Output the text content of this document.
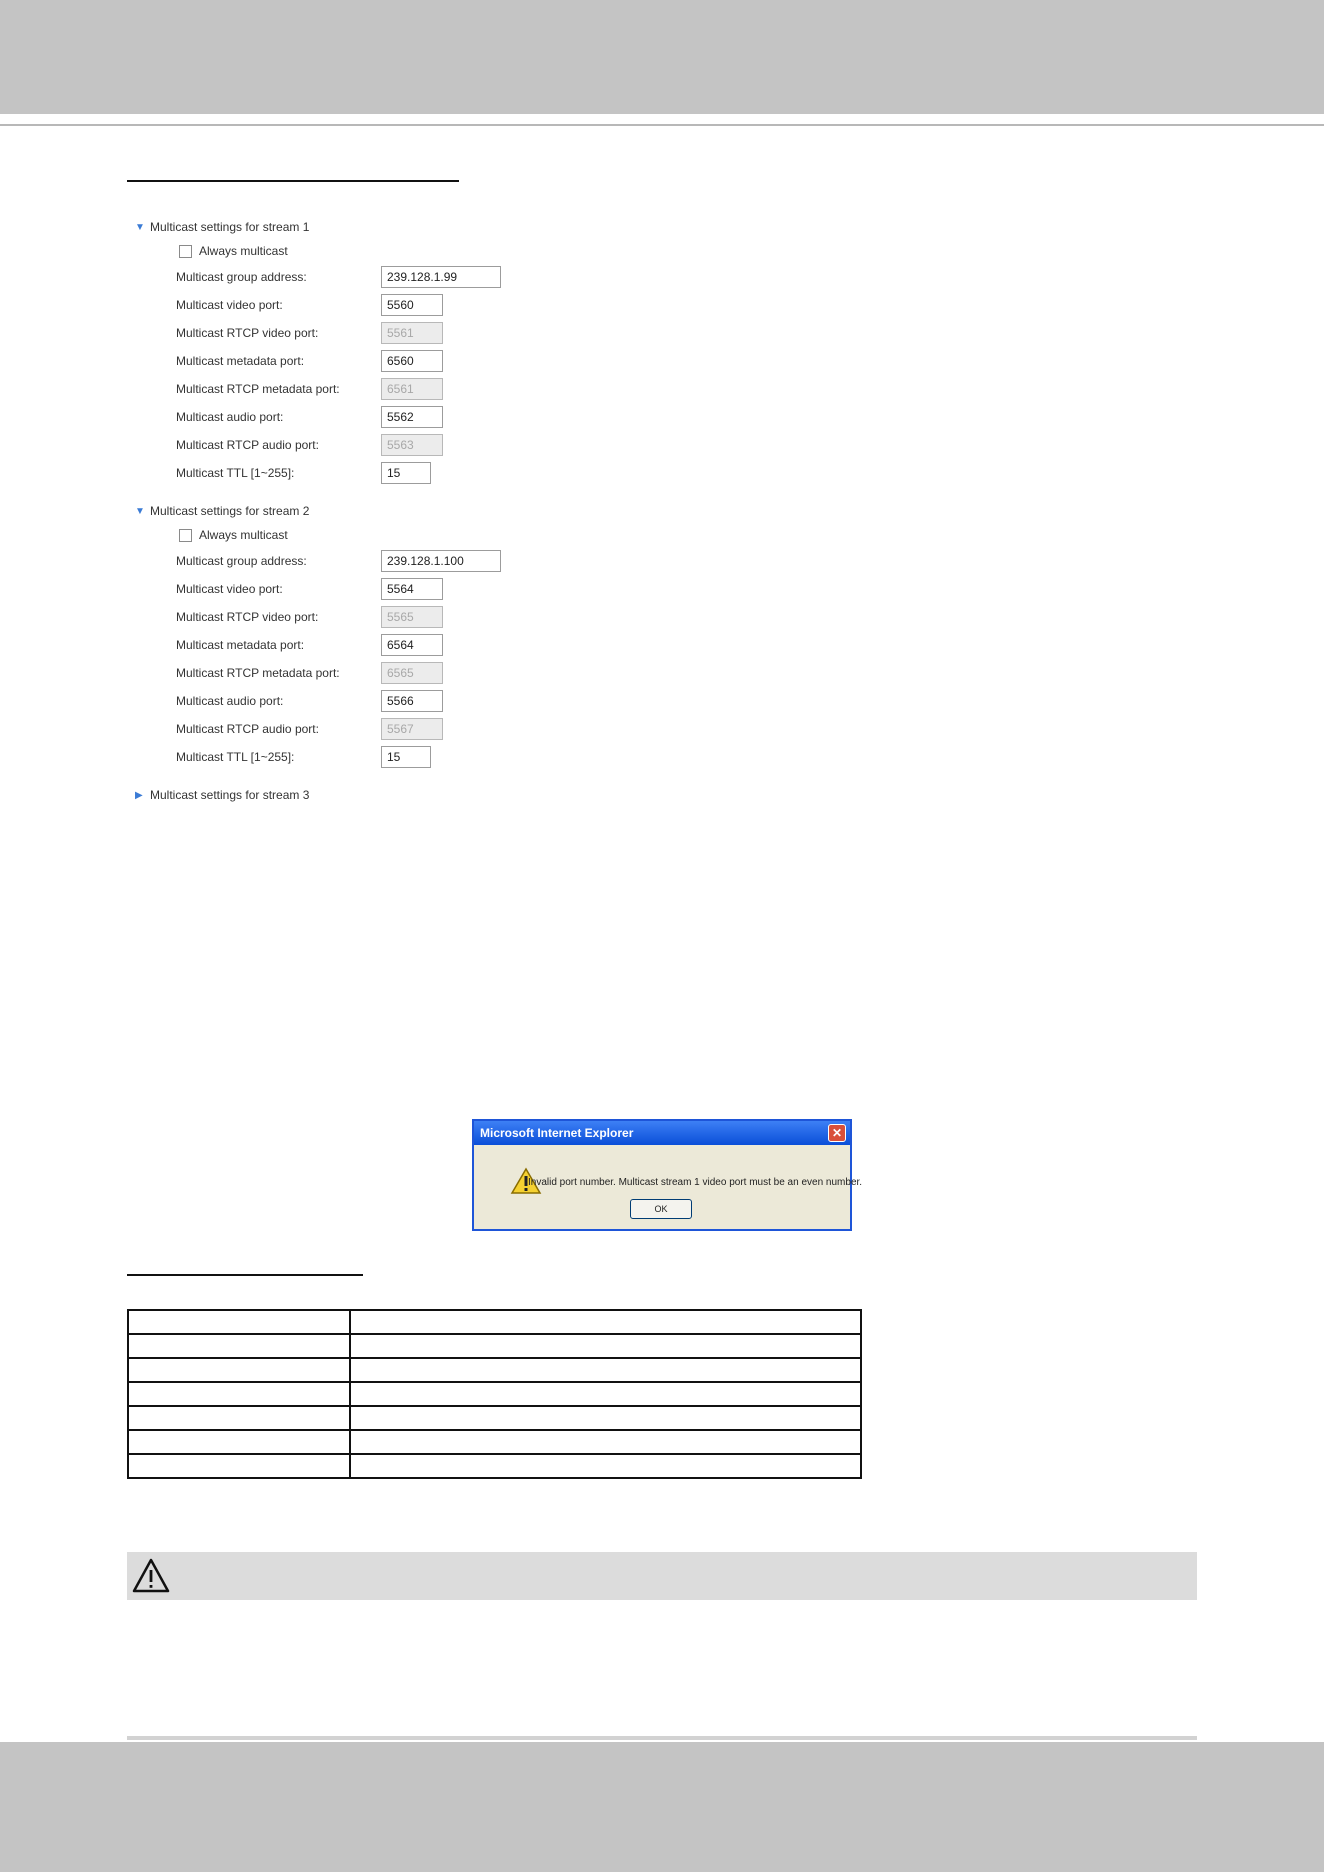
▼ Multicast settings for stream 1
Always multicast
Multicast group address:	239.128.1.99
Multicast video port:	5560
Multicast RTCP video port:	5561
Multicast metadata port:	6560
Multicast RTCP metadata port:	6561
Multicast audio port:	5562
Multicast RTCP audio port:	5563
Multicast TTL [1~255]:	15
▼ Multicast settings for stream 2
Always multicast
Multicast group address:	239.128.1.100
Multicast video port:	5564
Multicast RTCP video port:	5565
Multicast metadata port:	6564
Multicast RTCP metadata port:	6565
Multicast audio port:	5566
Multicast RTCP audio port:	5567
Multicast TTL [1~255]:	15
▶ Multicast settings for stream 3
Microsoft Internet Explorer	✕
Invalid port number. Multicast stream 1 video port must be an even number.
OK
